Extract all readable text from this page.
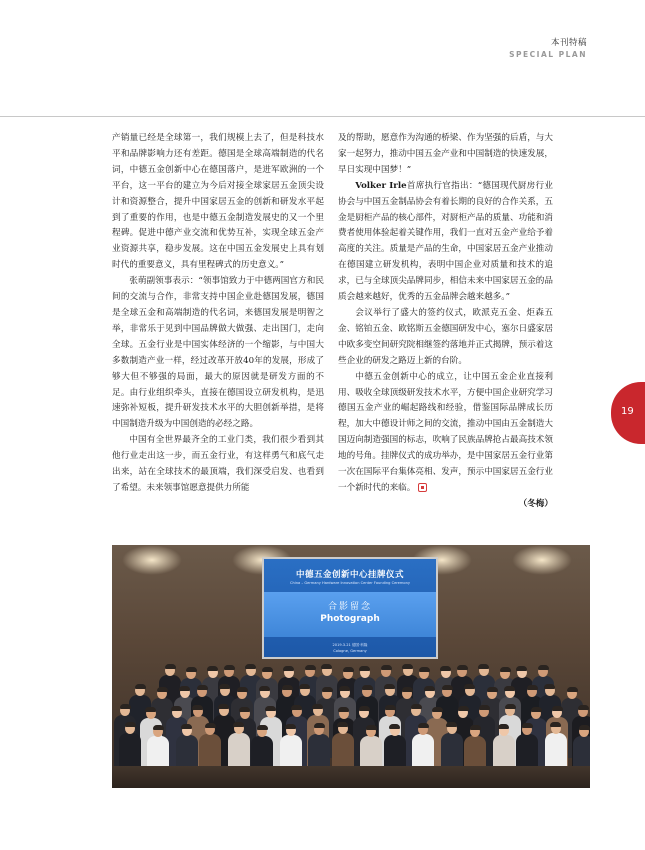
本刊特稿
SPECIAL PLAN
19

产销量已经是全球第一，我们规模上去了，但是科技水平和品牌影响力还有差距。德国是全球高端制造的代名词，中德五金创新中心在德国落户，是进军欧洲的一个平台，这一平台的建立为今后对接全球家居五金顶尖设计和资源整合，提升中国家居五金的创新和研发水平起到了重要的作用，也是中德五金制造发展史的又一个里程碑。促进中德产业交流和优势互补，实现全球五金产业资源共享，稳步发展。这在中国五金发展史上具有划时代的重要意义，具有里程碑式的历史意义。”

张萌副领事表示：“领事馆致力于中德两国官方和民间的交流与合作，非常支持中国企业赴德国发展，德国是全球五金和高端制造的代名词，来德国发展是明智之举，非常乐于见到中国品牌做大做强、走出国门，走向全球。五金行业是中国实体经济的一个缩影，与中国大多数制造产业一样，经过改革开放40年的发展，形成了够大但不够强的局面，最大的原因就是研发方面的不足。由行业组织牵头，直接在德国设立研发机构，是迅速弥补短板，提升研发技术水平的大胆创新举措，是将中国制造升级为中国创造的必经之路。

中国有全世界最齐全的工业门类，我们很少看到其他行业走出这一步，而五金行业，有这样勇气和底气走出来，站在全球技术的最顶端，我们深受启发、也看到了希望。未来领事馆愿意提供力所能

及的帮助，愿意作为沟通的桥梁、作为坚强的后盾，与大家一起努力，推动中国五金产业和中国制造的快速发展，早日实现中国梦！”

Volker Irle首席执行官指出：“德国现代厨房行业协会与中国五金制品协会有着长期的良好的合作关系，五金是厨柜产品的核心部件，对厨柜产品的质量、功能和消费者使用体验起着关键作用，我们一直对五金产业给予着高度的关注。质量是产品的生命，中国家居五金产业推动在德国建立研发机构，表明中国企业对质量和技术的追求，已与全球顶尖品牌同步，相信未来中国家居五金的品质会越来越好，优秀的五金品牌会越来越多。”

会议举行了盛大的签约仪式，欧派克五金、炬森五金、铭铂五金、欧铭斯五金德国研发中心，塞尔日盛家居中欧多变空间研究院相继签约落地并正式揭牌，预示着这些企业的研发之路迈上新的台阶。

中德五金创新中心的成立，让中国五金企业直接利用、吸收全球顶级研发技术水平，方便中国企业研究学习德国五金产业的崛起路线和经验，借鉴国际品牌成长历程，加大中德设计师之间的交流，推动中国由五金制造大国迈向制造强国的标志，吹响了民族品牌抢占最高技术领地的号角。挂牌仪式的成功举办，是中国家居五金行业第一次在国际平台集体亮相、发声，预示中国家居五金行业一个新时代的来临。

（冬梅）
中德五金创新中心挂牌仪式
China – Germany Hardware Innovation Center Founding Ceremony
合影留念
Photograph
2019.3.21 德国·科隆
Cologne, Germany
